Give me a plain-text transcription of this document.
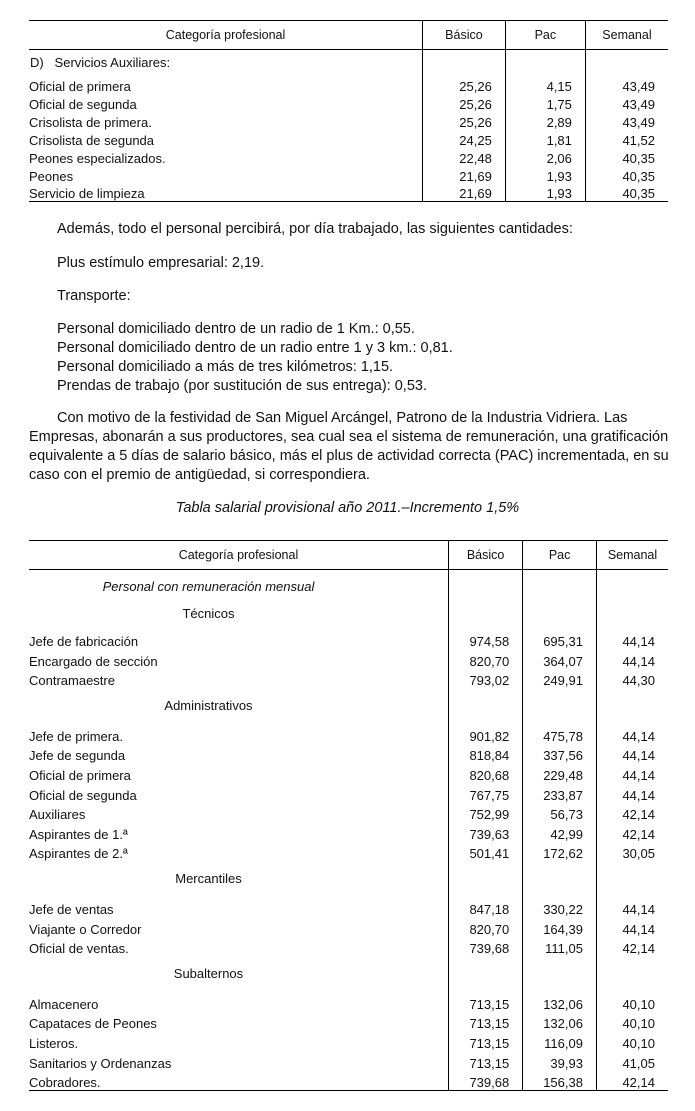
Categoría profesional	Básico	Pac	Semanal
D)   Servicios Auxiliares:			

Oficial de primera	25,26	4,15	43,49

Oficial de segunda	25,26	1,75	43,49

Crisolista de primera.	25,26	2,89	43,49

Crisolista de segunda	24,25	1,81	41,52

Peones especializados.	22,48	2,06	40,35

Peones	21,69	1,93	40,35

Servicio de limpieza	21,69	1,93	40,35

Además, todo el personal percibirá, por día trabajado, las siguientes cantidades:

Plus estímulo empresarial: 2,19.

Transporte:

Personal domiciliado dentro de un radio de 1 Km.: 0,55.
Personal domiciliado dentro de un radio entre 1 y 3 km.: 0,81.
Personal domiciliado a más de tres kilómetros: 1,15.
Prendas de trabajo (por sustitución de sus entrega): 0,53.

Con motivo de la festividad de San Miguel Arcángel, Patrono de la Industria Vidriera. Las Empresas, abonarán a sus productores, sea cual sea el sistema de remuneración, una gratificación equivalente a 5 días de salario básico, más el plus de actividad correcta (PAC) incrementada, en su caso con el premio de antigüedad, si correspondiera.

Tabla salarial provisional año 2011.–Incremento 1,5%
Categoría profesional	Básico	Pac	Semanal
Personal con remuneración mensual			
Técnicos			

Jefe de fabricación	974,58	695,31	44,14

Encargado de sección	820,70	364,07	44,14

Contramaestre	793,02	249,91	44,30

Administrativos			

Jefe de primera.	901,82	475,78	44,14

Jefe de segunda	818,84	337,56	44,14

Oficial de primera	820,68	229,48	44,14

Oficial de segunda	767,75	233,87	44,14

Auxiliares	752,99	56,73	42,14

Aspirantes de 1.ª	739,63	42,99	42,14

Aspirantes de 2.ª	501,41	172,62	30,05

Mercantiles			

Jefe de ventas	847,18	330,22	44,14

Viajante o Corredor	820,70	164,39	44,14

Oficial de ventas.	739,68	111,05	42,14

Subalternos			

Almacenero	713,15	132,06	40,10

Capataces de Peones	713,15	132,06	40,10

Listeros.	713,15	116,09	40,10

Sanitarios y Ordenanzas	713,15	39,93	41,05

Cobradores.	739,68	156,38	42,14
